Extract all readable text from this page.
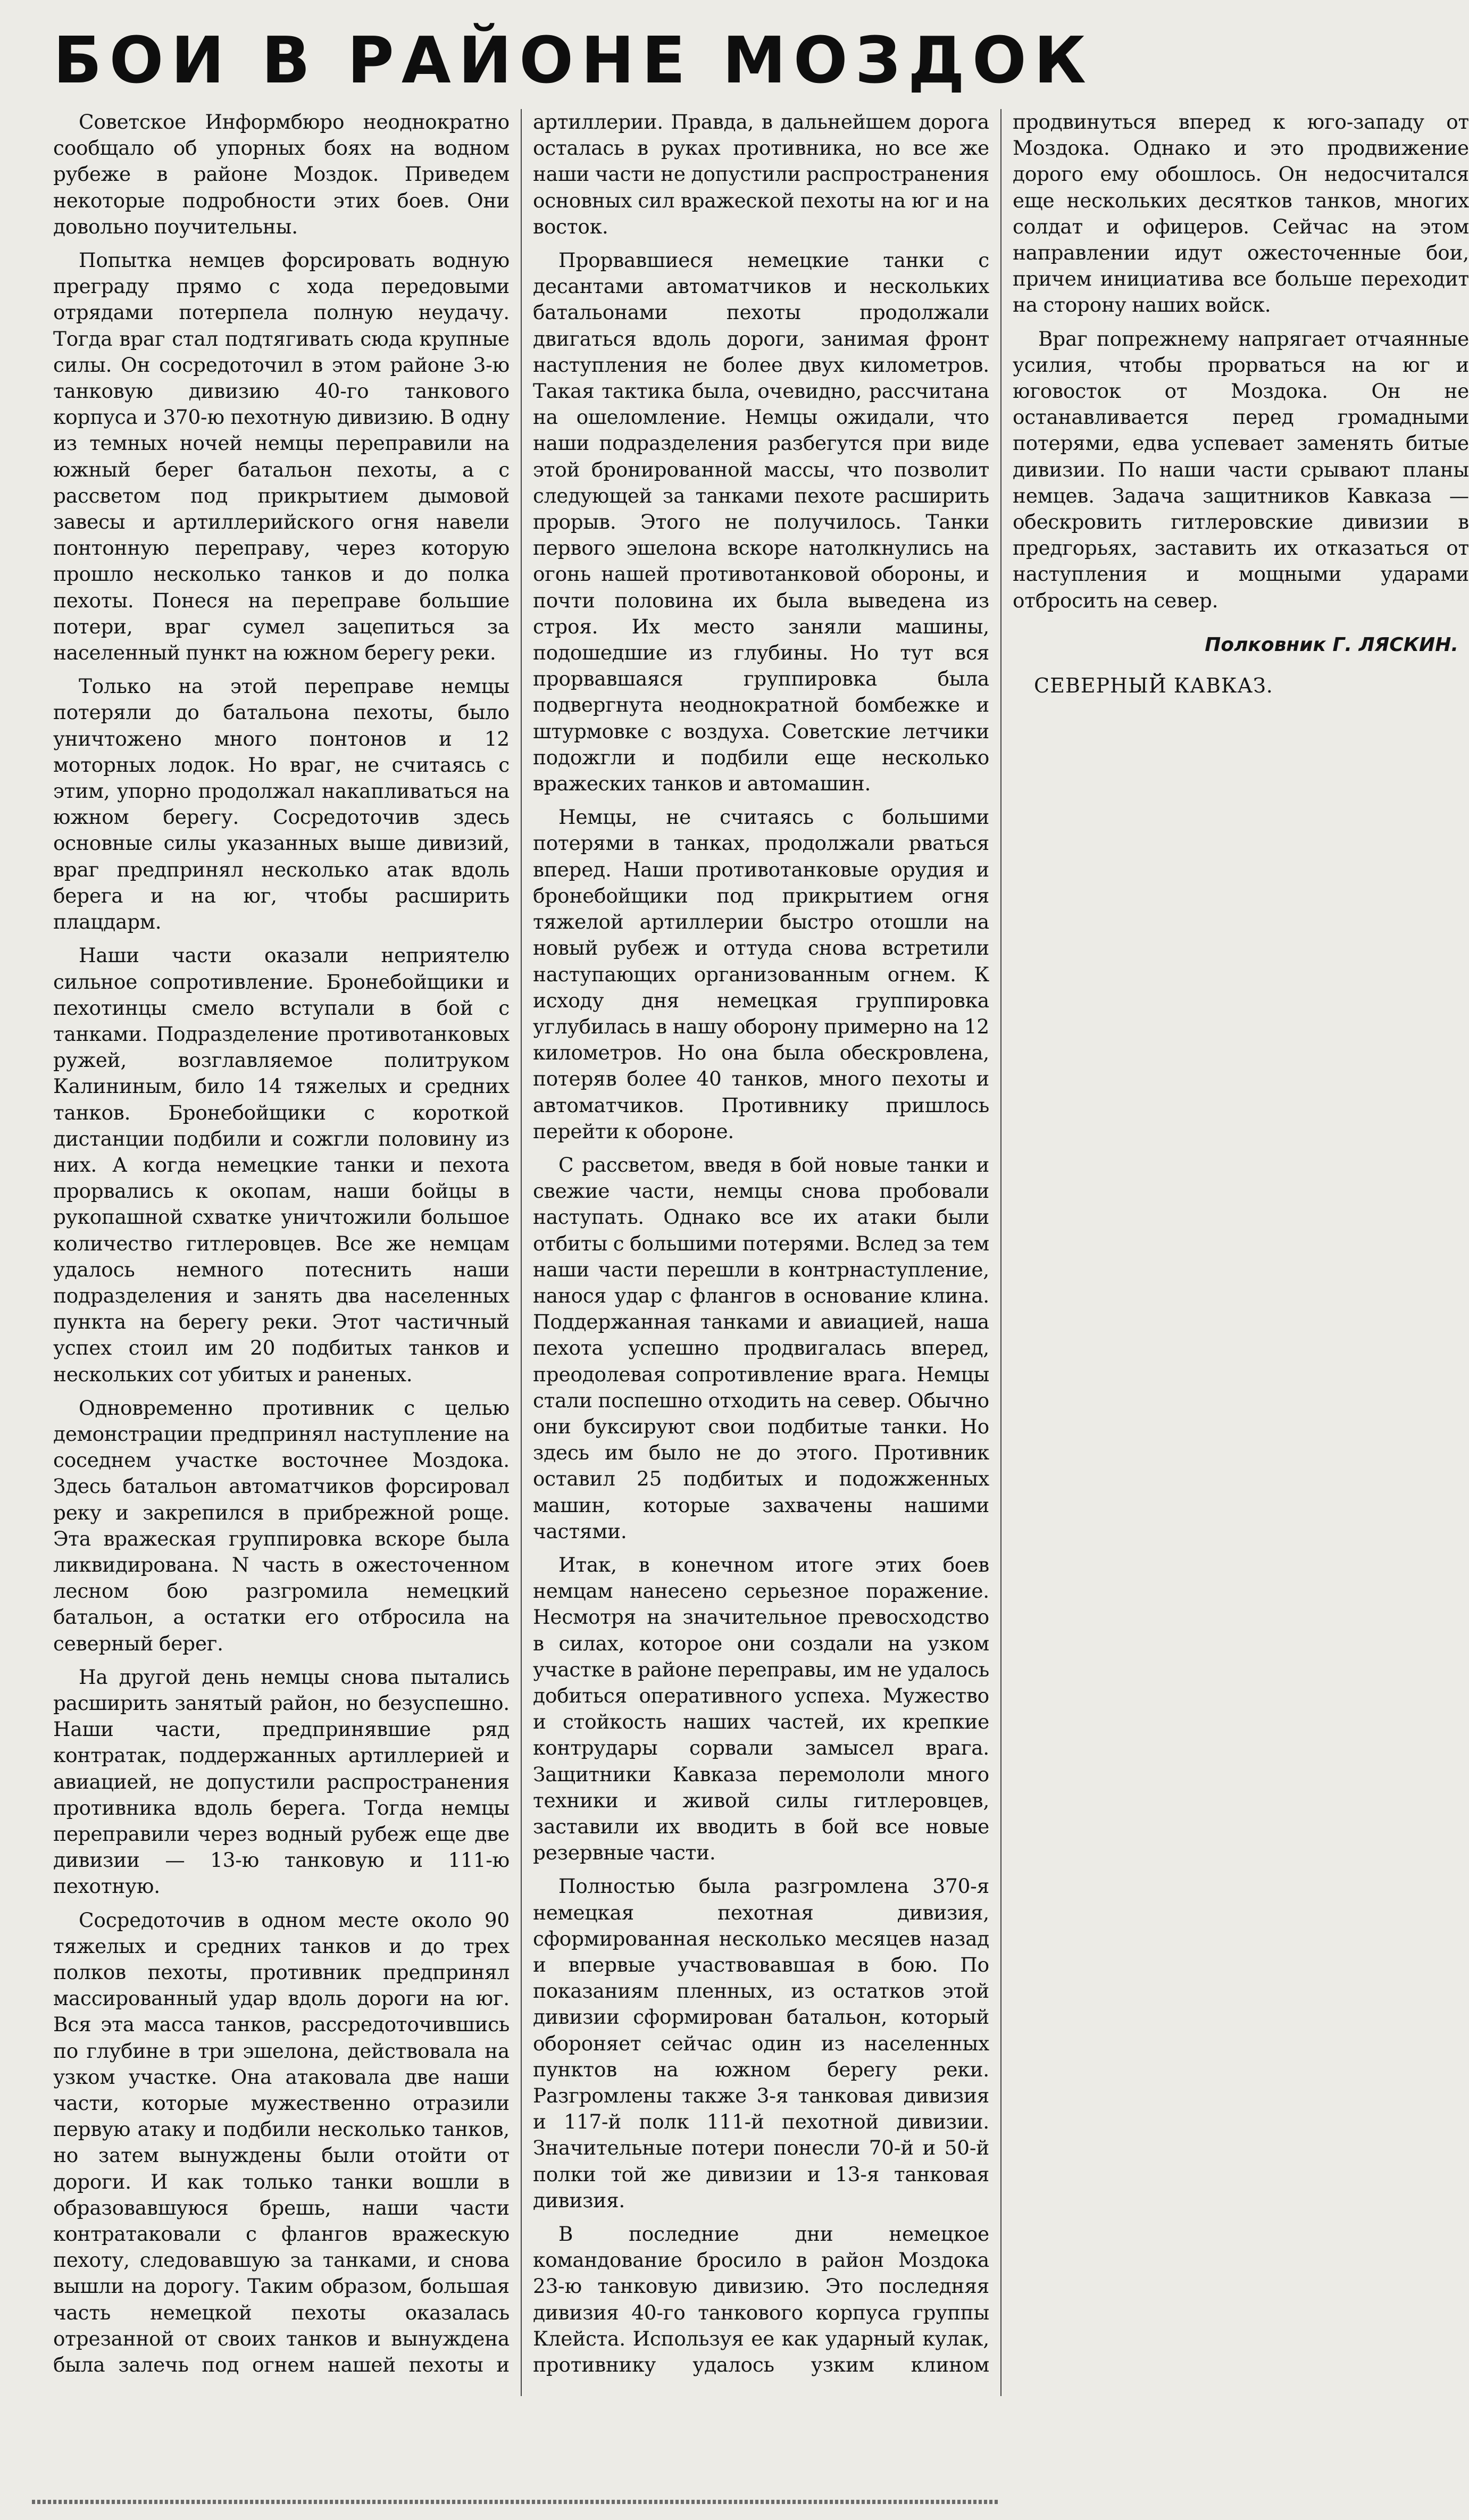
БОИ В РАЙОНЕ МОЗДОК

Советское Информбюро неоднократно сообщало об упорных боях на водном рубеже в районе Моздок. Приведем некоторые подробности этих боев. Они довольно поучительны.

Попытка немцев форсировать водную преграду прямо с хода передовыми отрядами потерпела полную неудачу. Тогда враг стал подтягивать сюда крупные силы. Он сосредоточил в этом районе 3-ю танковую дивизию 40-го танкового корпуса и 370-ю пехотную дивизию. В одну из темных ночей немцы переправили на южный берег батальон пехоты, а с рассветом под прикрытием дымовой завесы и артиллерийского огня навели понтонную переправу, через которую прошло несколько танков и до полка пехоты. Понеся на переправе большие потери, враг сумел зацепиться за населенный пункт на южном берегу реки.

Только на этой переправе немцы потеряли до батальона пехоты, было уничтожено много понтонов и 12 моторных лодок. Но враг, не считаясь с этим, упорно продолжал накапливаться на южном берегу. Сосредоточив здесь основные силы указанных выше дивизий, враг предпринял несколько атак вдоль берега и на юг, чтобы расширить плацдарм.

Наши части оказали неприятелю сильное сопротивление. Бронебойщики и пехотинцы смело вступали в бой с танками. Подразделение противотанковых ружей, возглавляемое политруком Калининым, било 14 тяжелых и средних танков. Бронебойщики с короткой дистанции подбили и сожгли половину из них. А когда немецкие танки и пехота прорвались к окопам, наши бойцы в рукопашной схватке уничтожили большое количество гитлеровцев. Все же немцам удалось немного потеснить наши подразделения и занять два населенных пункта на берегу реки. Этот частичный успех стоил им 20 подбитых танков и нескольких сот убитых и раненых.

Одновременно противник с целью демонстрации предпринял наступление на соседнем участке восточнее Моздока. Здесь батальон автоматчиков форсировал реку и закрепился в прибрежной роще. Эта вражеская группировка вскоре была ликвидирована. N часть в ожесточенном лесном бою разгромила немецкий батальон, а остатки его отбросила на северный берег.

На другой день немцы снова пытались расширить занятый район, но безуспешно. Наши части, предпринявшие ряд контратак, поддержанных артиллерией и авиацией, не допустили распространения противника вдоль берега. Тогда немцы переправили через водный рубеж еще две дивизии — 13-ю танковую и 111-ю пехотную.

Сосредоточив в одном месте около 90 тяжелых и средних танков и до трех полков пехоты, противник предпринял массированный удар вдоль дороги на юг. Вся эта масса танков, рассредоточившись по глубине в три эшелона, действовала на узком участке. Она атаковала две наши части, которые мужественно отразили первую атаку и подбили несколько танков, но затем вынуждены были отойти от дороги. И как только танки вошли в образовавшуюся брешь, наши части контратаковали с флангов вражескую пехоту, следовавшую за танками, и снова вышли на дорогу. Таким образом, большая часть немецкой пехоты оказалась отрезанной от своих танков и вынуждена была залечь под огнем нашей пехоты и артиллерии. Правда, в дальнейшем дорога осталась в руках противника, но все же наши части не допустили распространения основных сил вражеской пехоты на юг и на восток.

Прорвавшиеся немецкие танки с десантами автоматчиков и нескольких батальонами пехоты продолжали двигаться вдоль дороги, занимая фронт наступления не более двух километров. Такая тактика была, очевидно, рассчитана на ошеломление. Немцы ожидали, что наши подразделения разбегутся при виде этой бронированной массы, что позволит следующей за танками пехоте расширить прорыв. Этого не получилось. Танки первого эшелона вскоре натолкнулись на огонь нашей противотанковой обороны, и почти половина их была выведена из строя. Их место заняли машины, подошедшие из глубины. Но тут вся прорвавшаяся группировка была подвергнута неоднократной бомбежке и штурмовке с воздуха. Советские летчики подожгли и подбили еще несколько вражеских танков и автомашин.

Немцы, не считаясь с большими потерями в танках, продолжали рваться вперед. Наши противотанковые орудия и бронебойщики под прикрытием огня тяжелой артиллерии быстро отошли на новый рубеж и оттуда снова встретили наступающих организованным огнем. К исходу дня немецкая группировка углубилась в нашу оборону примерно на 12 километров. Но она была обескровлена, потеряв более 40 танков, много пехоты и автоматчиков. Противнику пришлось перейти к обороне.

С рассветом, введя в бой новые танки и свежие части, немцы снова пробовали наступать. Однако все их атаки были отбиты с большими потерями. Вслед за тем наши части перешли в контрнаступление, нанося удар с флангов в основание клина. Поддержанная танками и авиацией, наша пехота успешно продвигалась вперед, преодолевая сопротивление врага. Немцы стали поспешно отходить на север. Обычно они буксируют свои подбитые танки. Но здесь им было не до этого. Противник оставил 25 подбитых и подожженных машин, которые захвачены нашими частями.

Итак, в конечном итоге этих боев немцам нанесено серьезное поражение. Несмотря на значительное превосходство в силах, которое они создали на узком участке в районе переправы, им не удалось добиться оперативного успеха. Мужество и стойкость наших частей, их крепкие контрудары сорвали замысел врага. Защитники Кавказа перемололи много техники и живой силы гитлеровцев, заставили их вводить в бой все новые резервные части.

Полностью была разгромлена 370-я немецкая пехотная дивизия, сформированная несколько месяцев назад и впервые участвовавшая в бою. По показаниям пленных, из остатков этой дивизии сформирован батальон, который обороняет сейчас один из населенных пунктов на южном берегу реки. Разгромлены также 3-я танковая дивизия и 117-й полк 111-й пехотной дивизии. Значительные потери понесли 70-й и 50-й полки той же дивизии и 13-я танковая дивизия.

В последние дни немецкое командование бросило в район Моздока 23-ю танковую дивизию. Это последняя дивизия 40-го танкового корпуса группы Клейста. Используя ее как ударный кулак, противнику удалось узким клином продвинуться вперед к юго-западу от Моздока. Однако и это продвижение дорого ему обошлось. Он недосчитался еще нескольких десятков танков, многих солдат и офицеров. Сейчас на этом направлении идут ожесточенные бои, причем инициатива все больше переходит на сторону наших войск.

Враг попрежнему напрягает отчаянные усилия, чтобы прорваться на юг и юговосток от Моздока. Он не останавливается перед громадными потерями, едва успевает заменять битые дивизии. По наши части срывают планы немцев. Задача защитников Кавказа — обескровить гитлеровские дивизии в предгорьях, заставить их отказаться от наступления и мощными ударами отбросить на север.

Полковник Г. ЛЯСКИН.
СЕВЕРНЫЙ КАВКАЗ.
